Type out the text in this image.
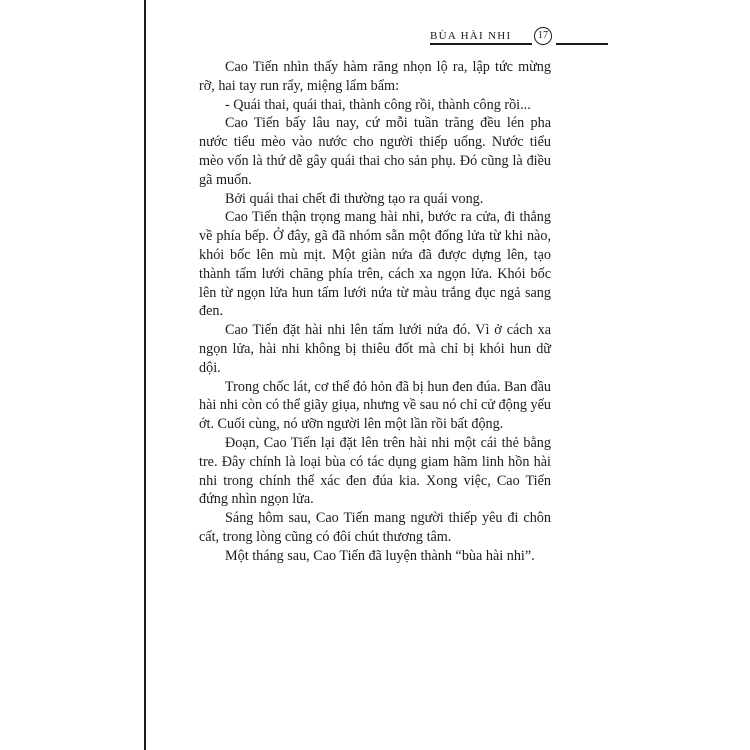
BÙA HÀI NHI	17

Cao Tiến nhìn thấy hàm răng nhọn lộ ra, lập tức mừng rỡ, hai tay run rẩy, miệng lẩm bẩm:

- Quái thai, quái thai, thành công rồi, thành công rồi...

Cao Tiến bấy lâu nay, cứ mỗi tuần trăng đều lén pha nước tiểu mèo vào nước cho người thiếp uống. Nước tiểu mèo vốn là thứ dễ gây quái thai cho sản phụ. Đó cũng là điều gã muốn.

Bởi quái thai chết đi thường tạo ra quái vong.

Cao Tiến thận trọng mang hài nhi, bước ra cửa, đi thẳng về phía bếp. Ở đây, gã đã nhóm sẵn một đống lửa từ khi nào, khói bốc lên mù mịt. Một giàn nứa đã được dựng lên, tạo thành tấm lưới chăng phía trên, cách xa ngọn lửa. Khói bốc lên từ ngọn lửa hun tấm lưới nứa từ màu trắng đục ngả sang đen.

Cao Tiến đặt hài nhi lên tấm lưới nứa đó. Vì ở cách xa ngọn lửa, hài nhi không bị thiêu đốt mà chỉ bị khói hun dữ dội.

Trong chốc lát, cơ thể đỏ hỏn đã bị hun đen đúa. Ban đầu hài nhi còn có thể giãy giụa, nhưng về sau nó chỉ cử động yếu ớt. Cuối cùng, nó ưỡn người lên một lần rồi bất động.

Đoạn, Cao Tiến lại đặt lên trên hài nhi một cái thẻ bằng tre. Đây chính là loại bùa có tác dụng giam hãm linh hồn hài nhi trong chính thể xác đen đúa kia. Xong việc, Cao Tiến đứng nhìn ngọn lửa.

Sáng hôm sau, Cao Tiến mang người thiếp yêu đi chôn cất, trong lòng cũng có đôi chút thương tâm.

Một tháng sau, Cao Tiến đã luyện thành “bùa hài nhi”.
